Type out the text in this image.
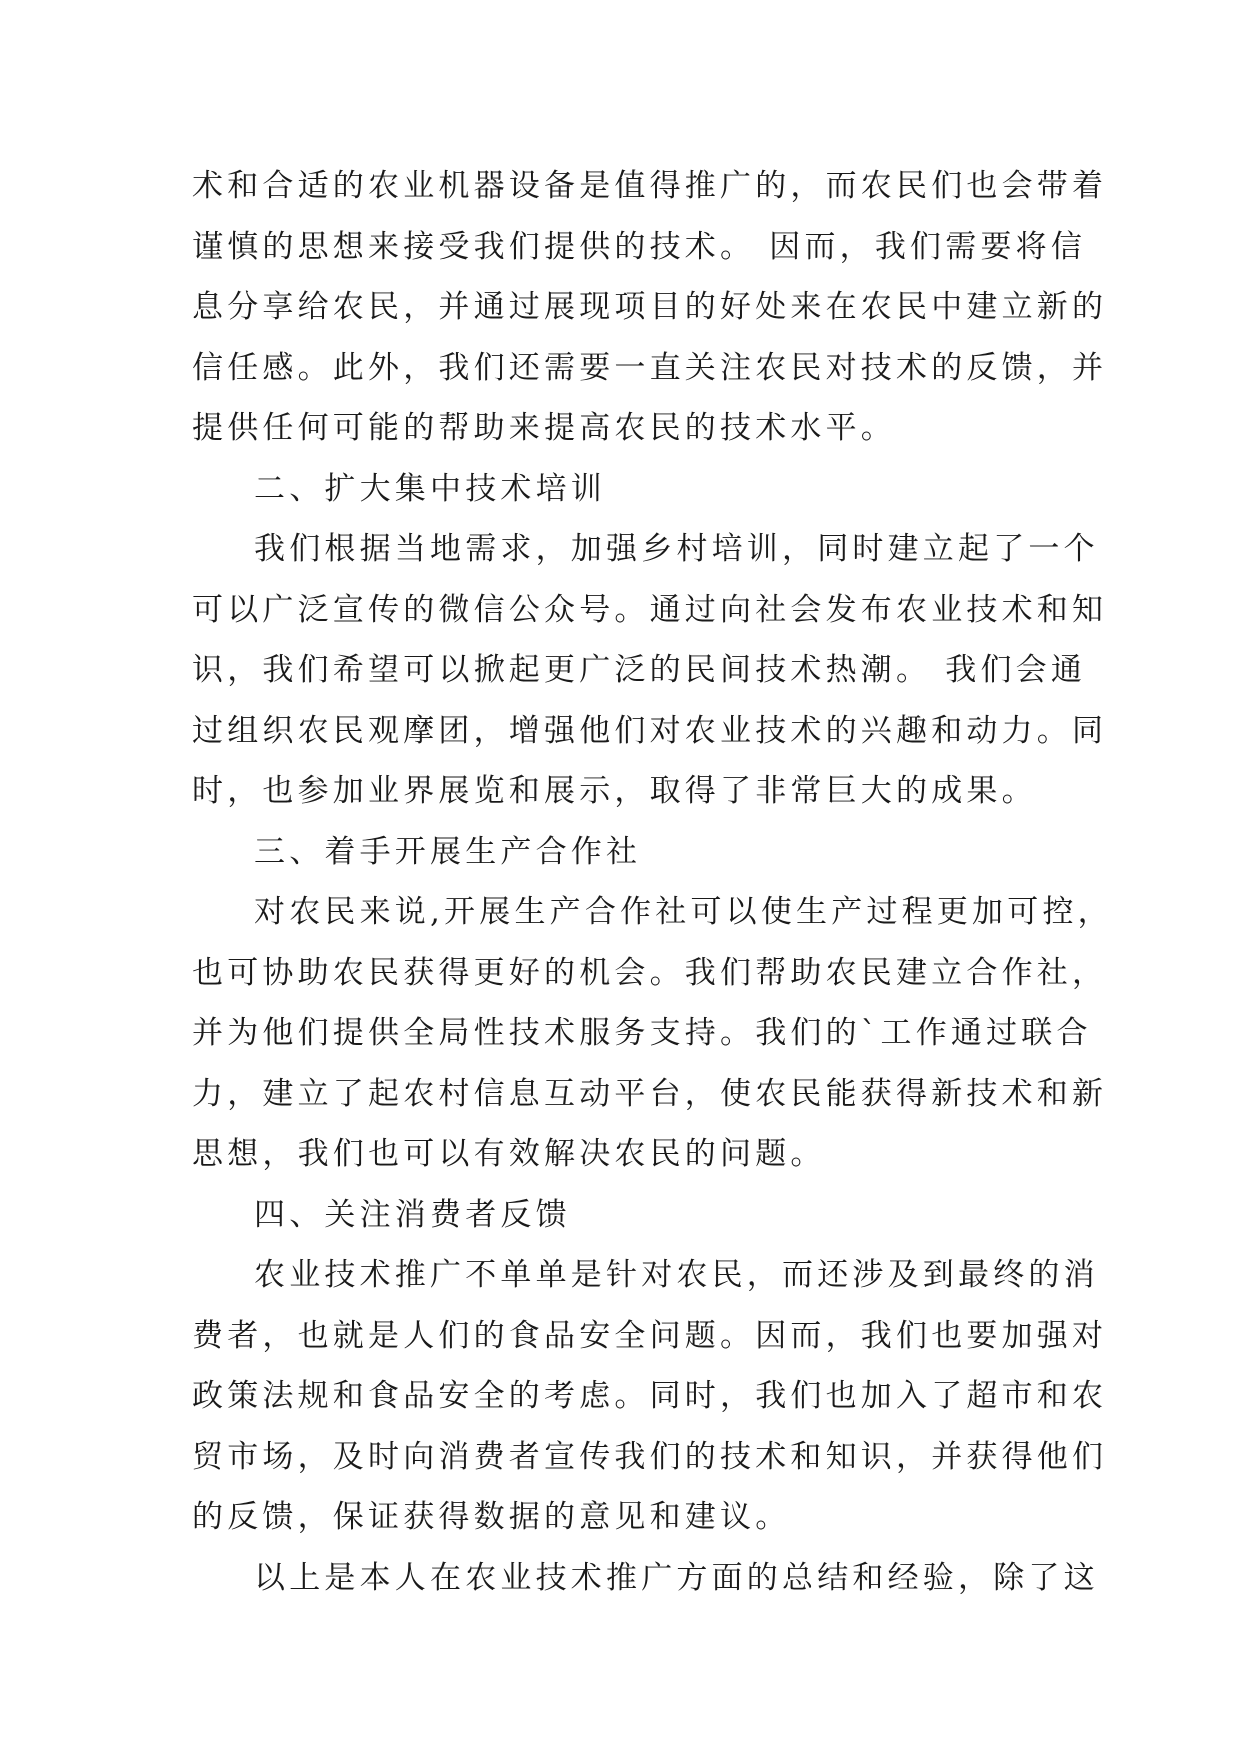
术和合适的农业机器设备是值得推广的，而农民们也会带着
谨慎的思想来接受我们提供的技术。 因而，我们需要将信
息分享给农民，并通过展现项目的好处来在农民中建立新的
信任感。此外，我们还需要一直关注农民对技术的反馈，并
提供任何可能的帮助来提高农民的技术水平。
二、扩大集中技术培训
我们根据当地需求，加强乡村培训，同时建立起了一个
可以广泛宣传的微信公众号。通过向社会发布农业技术和知
识，我们希望可以掀起更广泛的民间技术热潮。 我们会通
过组织农民观摩团，增强他们对农业技术的兴趣和动力。同
时，也参加业界展览和展示，取得了非常巨大的成果。
三、着手开展生产合作社
对农民来说,开展生产合作社可以使生产过程更加可控，
也可协助农民获得更好的机会。我们帮助农民建立合作社，
并为他们提供全局性技术服务支持。我们的`工作通过联合
力，建立了起农村信息互动平台，使农民能获得新技术和新
思想，我们也可以有效解决农民的问题。
四、关注消费者反馈
农业技术推广不单单是针对农民，而还涉及到最终的消
费者，也就是人们的食品安全问题。因而，我们也要加强对
政策法规和食品安全的考虑。同时，我们也加入了超市和农
贸市场，及时向消费者宣传我们的技术和知识，并获得他们
的反馈，保证获得数据的意见和建议。
以上是本人在农业技术推广方面的总结和经验，除了这
